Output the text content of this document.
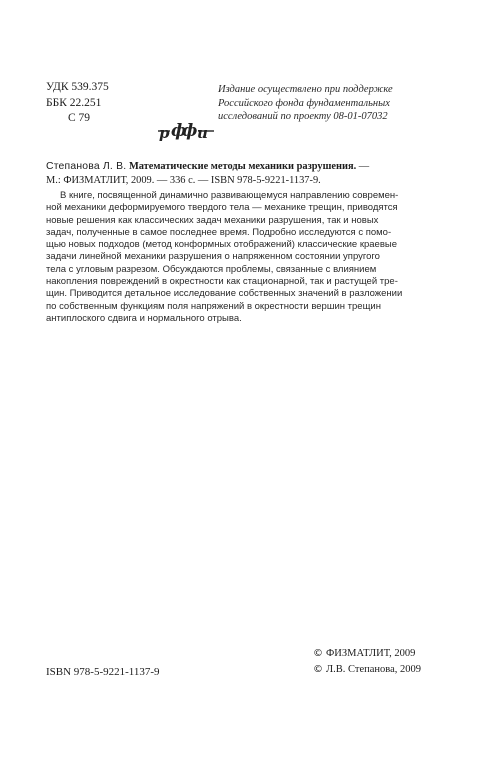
УДК 539.375
ББК 22.251
С 79
р ф
ф и
Издание осуществлено при поддержке
Российского фонда фундаментальных
исследований по проекту 08-01-07032
Степанова Л. В. Математические методы механики разрушения. —
М.: ФИЗМАТЛИТ, 2009. — 336 с. — ISBN 978-5-9221-1137-9.
В книге, посвященной динамично развивающемуся направлению современ-
ной механики деформируемого твердого тела — механике трещин, приводятся
новые решения как классических задач механики разрушения, так и новых
задач, полученные в самое последнее время. Подробно исследуются с помо-
щью новых подходов (метод конформных отображений) классические краевые
задачи линейной механики разрушения о напряженном состоянии упругого
тела с угловым разрезом. Обсуждаются проблемы, связанные с влиянием
накопления повреждений в окрестности как стационарной, так и растущей тре-
щин. Приводится детальное исследование собственных значений в разложении
по собственным функциям поля напряжений в окрестности вершин трещин
антиплоского сдвига и нормального отрыва.
© ФИЗМАТЛИТ, 2009
© Л.В. Степанова, 2009
ISBN 978-5-9221-1137-9
